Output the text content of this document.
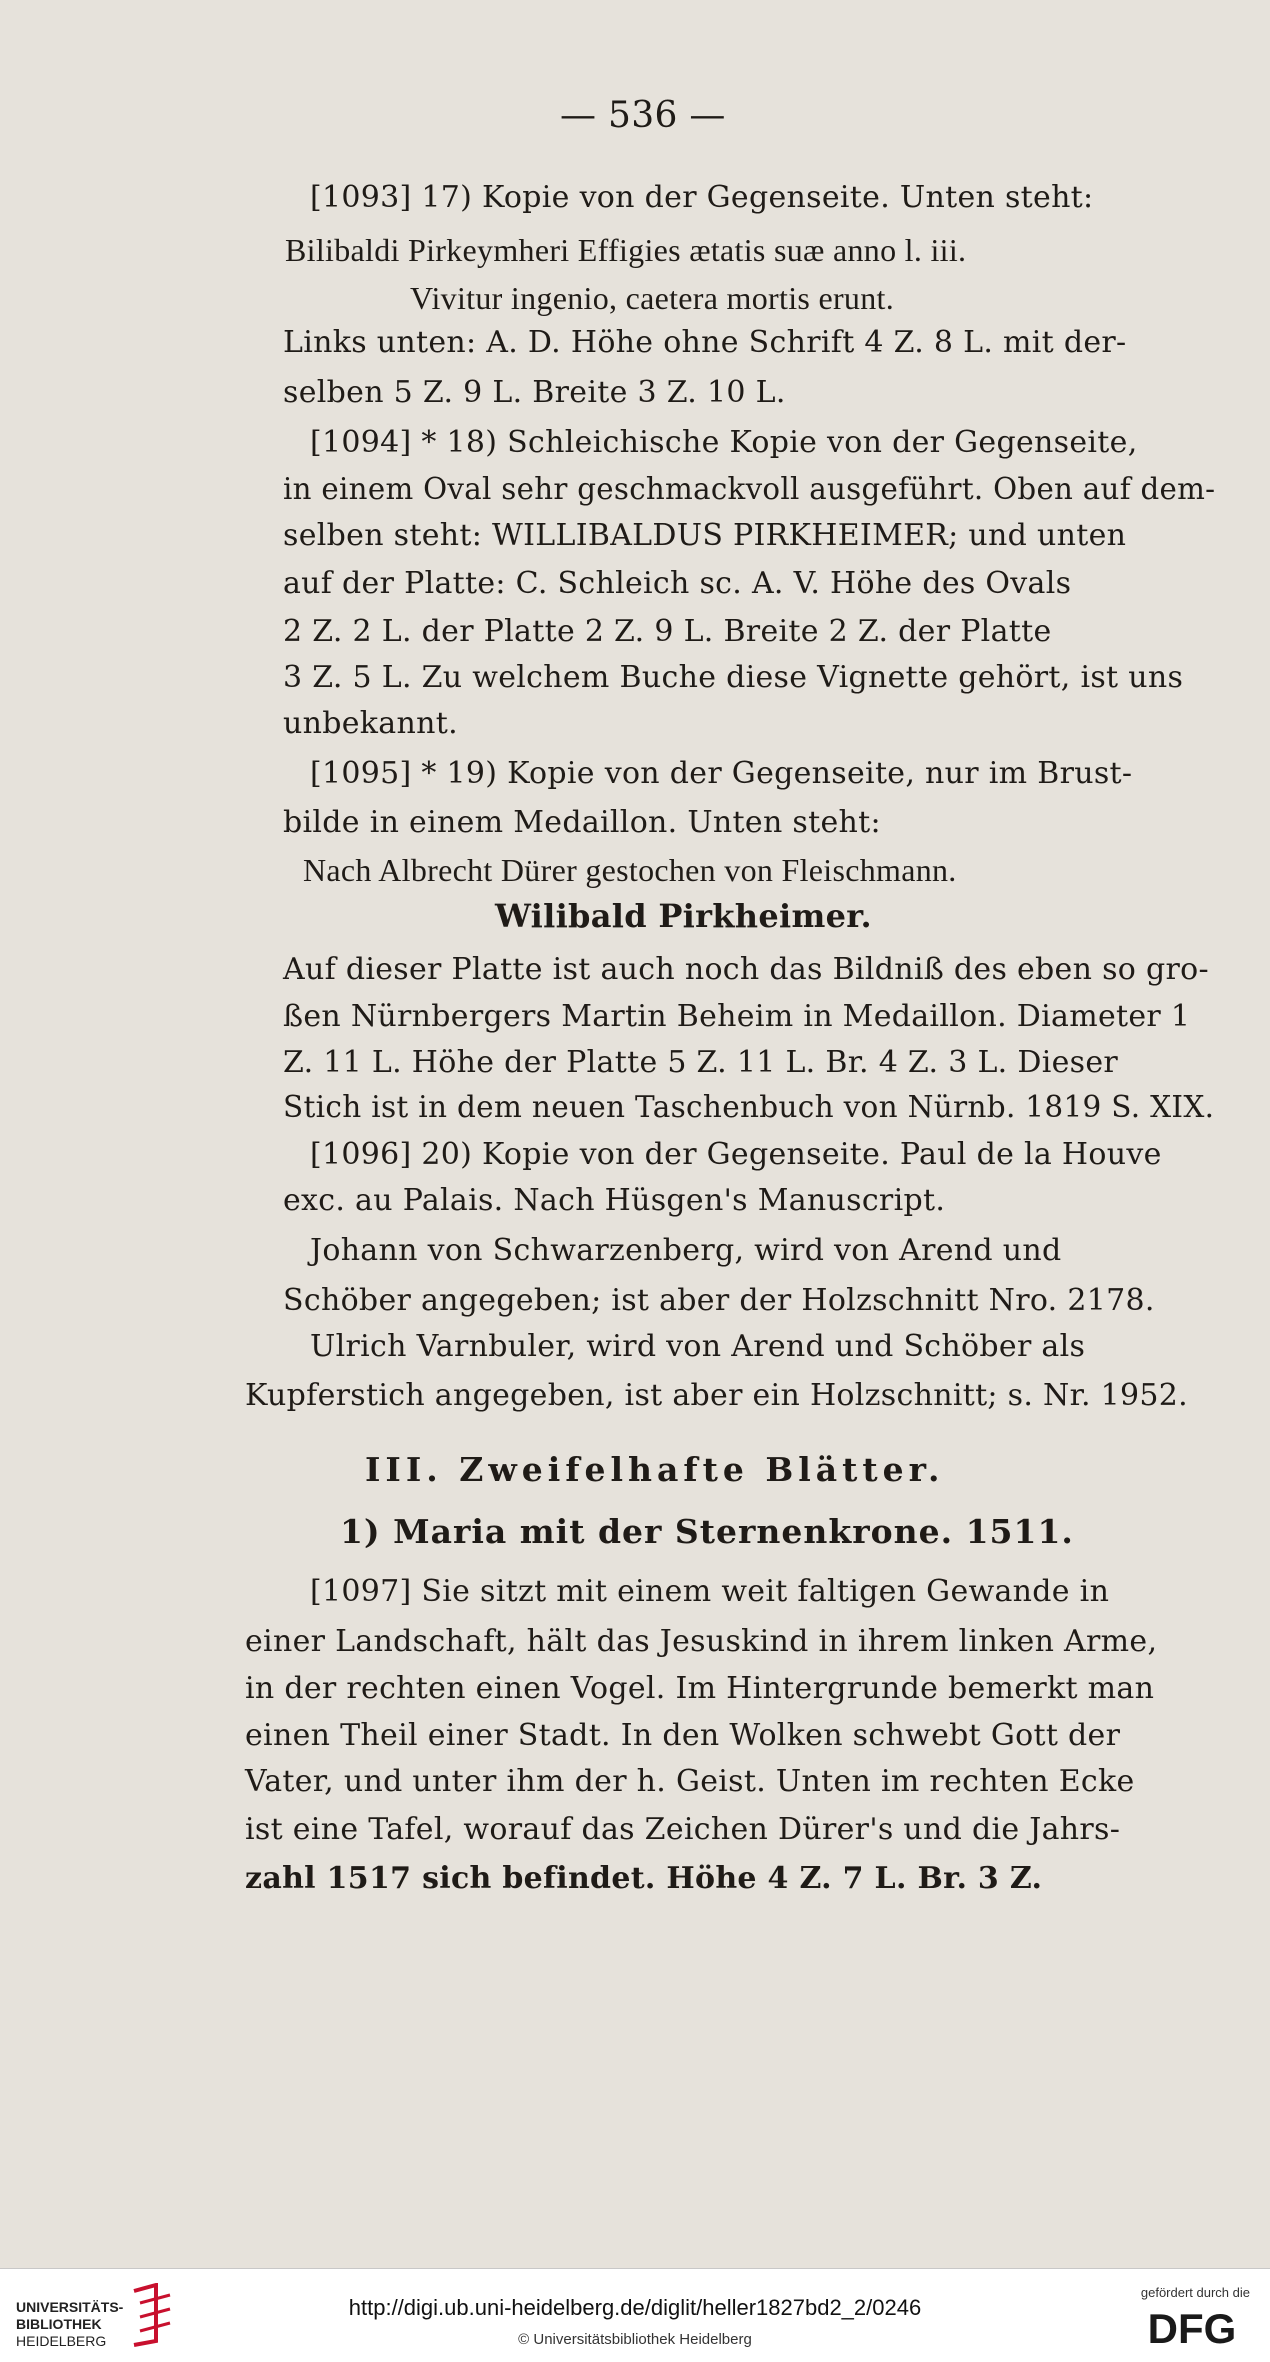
— 536 —
[1093] 17) Kopie von der Gegenseite. Unten steht:
Bilibaldi Pirkeymheri Effigies ætatis suæ anno l. iii.
Vivitur ingenio, caetera mortis erunt.
Links unten: A. D. Höhe ohne Schrift 4 Z. 8 L. mit der-
selben 5 Z. 9 L. Breite 3 Z. 10 L.
[1094] * 18) Schleichische Kopie von der Gegenseite,
in einem Oval sehr geschmackvoll ausgeführt. Oben auf dem-
selben steht: WILLIBALDUS PIRKHEIMER; und unten
auf der Platte: C. Schleich sc. A. V. Höhe des Ovals
2 Z. 2 L. der Platte 2 Z. 9 L. Breite 2 Z. der Platte
3 Z. 5 L. Zu welchem Buche diese Vignette gehört, ist uns
unbekannt.
[1095] * 19) Kopie von der Gegenseite, nur im Brust-
bilde in einem Medaillon. Unten steht:
Nach Albrecht Dürer gestochen von Fleischmann.
Wilibald Pirkheimer.
Auf dieser Platte ist auch noch das Bildniß des eben so gro-
ßen Nürnbergers Martin Beheim in Medaillon. Diameter 1
Z. 11 L. Höhe der Platte 5 Z. 11 L. Br. 4 Z. 3 L. Dieser
Stich ist in dem neuen Taschenbuch von Nürnb. 1819 S. XIX.
[1096] 20) Kopie von der Gegenseite. Paul de la Houve
exc. au Palais. Nach Hüsgen's Manuscript.
Johann von Schwarzenberg, wird von Arend und
Schöber angegeben; ist aber der Holzschnitt Nro. 2178.
Ulrich Varnbuler, wird von Arend und Schöber als
Kupferstich angegeben, ist aber ein Holzschnitt; s. Nr. 1952.
III. Zweifelhafte Blätter.
1) Maria mit der Sternenkrone. 1511.
[1097] Sie sitzt mit einem weit faltigen Gewande in
einer Landschaft, hält das Jesuskind in ihrem linken Arme,
in der rechten einen Vogel. Im Hintergrunde bemerkt man
einen Theil einer Stadt. In den Wolken schwebt Gott der
Vater, und unter ihm der h. Geist. Unten im rechten Ecke
ist eine Tafel, worauf das Zeichen Dürer's und die Jahrs-
zahl 1517 sich befindet. Höhe 4 Z. 7 L. Br. 3 Z.
UNIVERSITÄTS-
BIBLIOTHEK
HEIDELBERG
http://digi.ub.uni-heidelberg.de/diglit/heller1827bd2_2/0246
© Universitätsbibliothek Heidelberg
gefördert durch die
DFG
